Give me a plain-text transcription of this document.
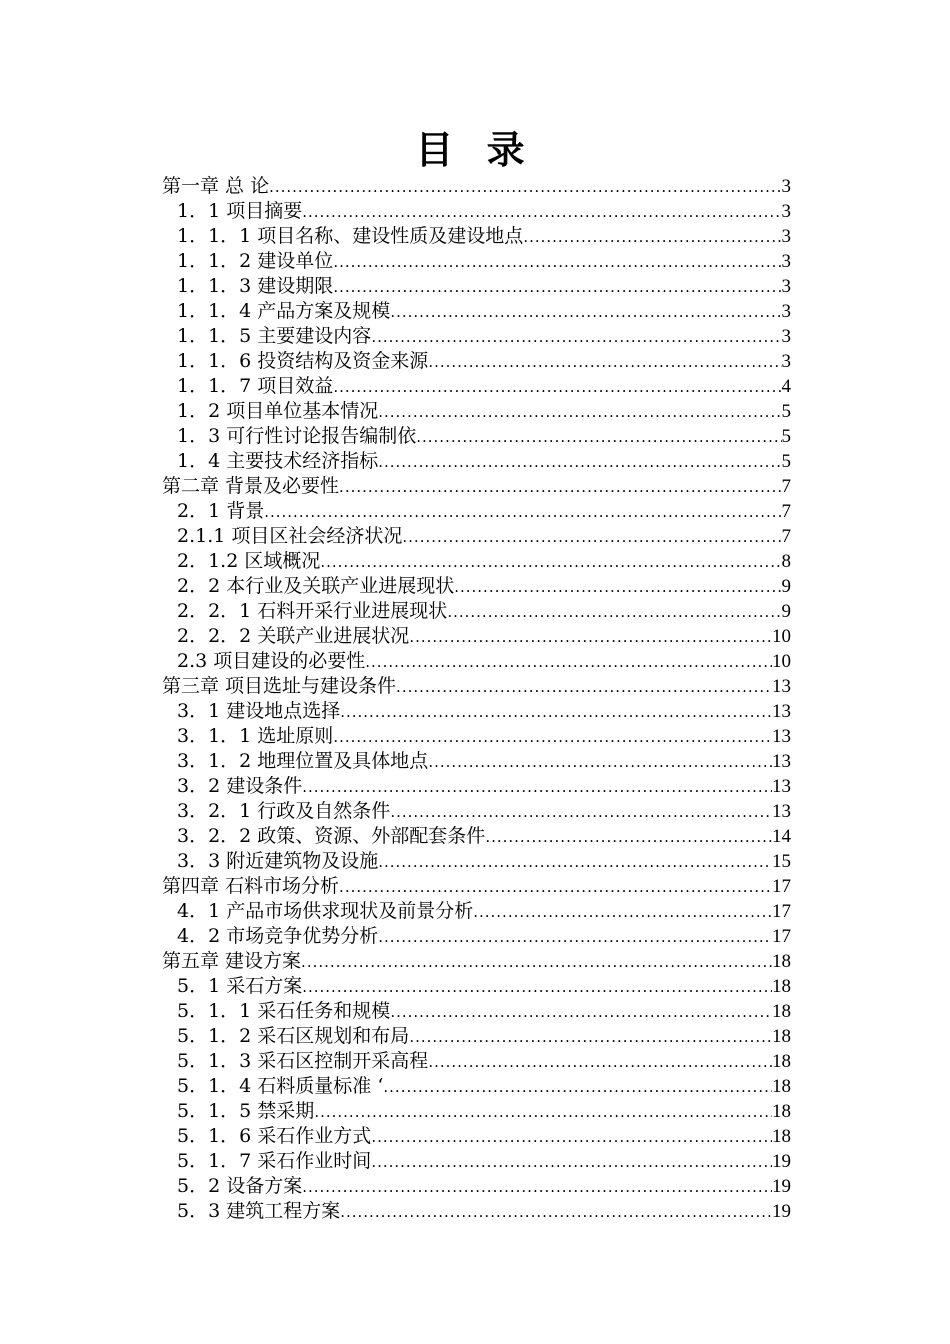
目 录
第一章 总 论 .....	3
1．1 项目摘要 .....	3
1．1．1 项目名称、建设性质及建设地点 .....	3
1．1．2 建设单位 .....	3
1．1．3 建设期限 .....	3
1．1．4 产品方案及规模 .....	3
1．1．5 主要建设内容 .....	3
1．1．6 投资结构及资金来源 .....	3
1．1．7 项目效益 .....	4
1．2 项目单位基本情况 .....	5
1．3 可行性讨论报告编制依 .....	5
1．4 主要技术经济指标 .....	5
第二章 背景及必要性 .....	7
2．1 背景 .....	7
2.1.1 项目区社会经济状况 .....	7
2．1.2 区域概况 .....	8
2．2 本行业及关联产业进展现状 .....	9
2．2．1 石料开采行业进展现状 .....	9
2．2．2 关联产业进展状况 .....	10
2.3 项目建设的必要性 .....	10
第三章 项目选址与建设条件 .....	13
3．1 建设地点选择 .....	13
3．1．1 选址原则 .....	13
3．1．2 地理位置及具体地点 .....	13
3．2 建设条件 .....	13
3．2．1 行政及自然条件 .....	13
3．2．2 政策、资源、外部配套条件 .....	14
3．3 附近建筑物及设施 .....	15
第四章 石料市场分析 .....	17
4．1 产品市场供求现状及前景分析 .....	17
4．2 市场竞争优势分析 .....	17
第五章 建设方案 .....	18
5．1 采石方案 .....	18
5．1．1 采石任务和规模 .....	18
5．1．2 采石区规划和布局 .....	18
5．1．3 采石区控制开采高程 .....	18
5．1．4 石料质量标准 ‘ .....	18
5．1．5 禁采期 .....	18
5．1．6 采石作业方式 .....	18
5．1．7 采石作业时间 .....	19
5．2 设备方案 .....	19
5．3 建筑工程方案 .....	19
